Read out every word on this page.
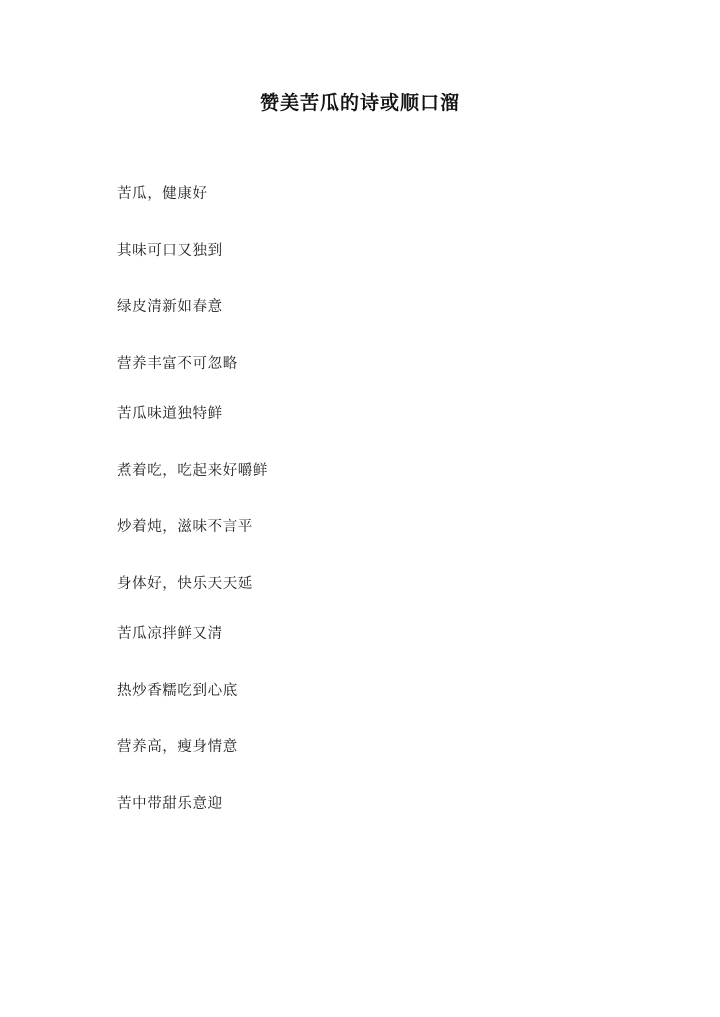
赞美苦瓜的诗或顺口溜

苦瓜，健康好

其味可口又独到

绿皮清新如春意

营养丰富不可忽略

苦瓜味道独特鲜

煮着吃，吃起来好嚼鲜

炒着炖，滋味不言平

身体好，快乐天天延

苦瓜凉拌鲜又清

热炒香糯吃到心底

营养高，瘦身情意

苦中带甜乐意迎
